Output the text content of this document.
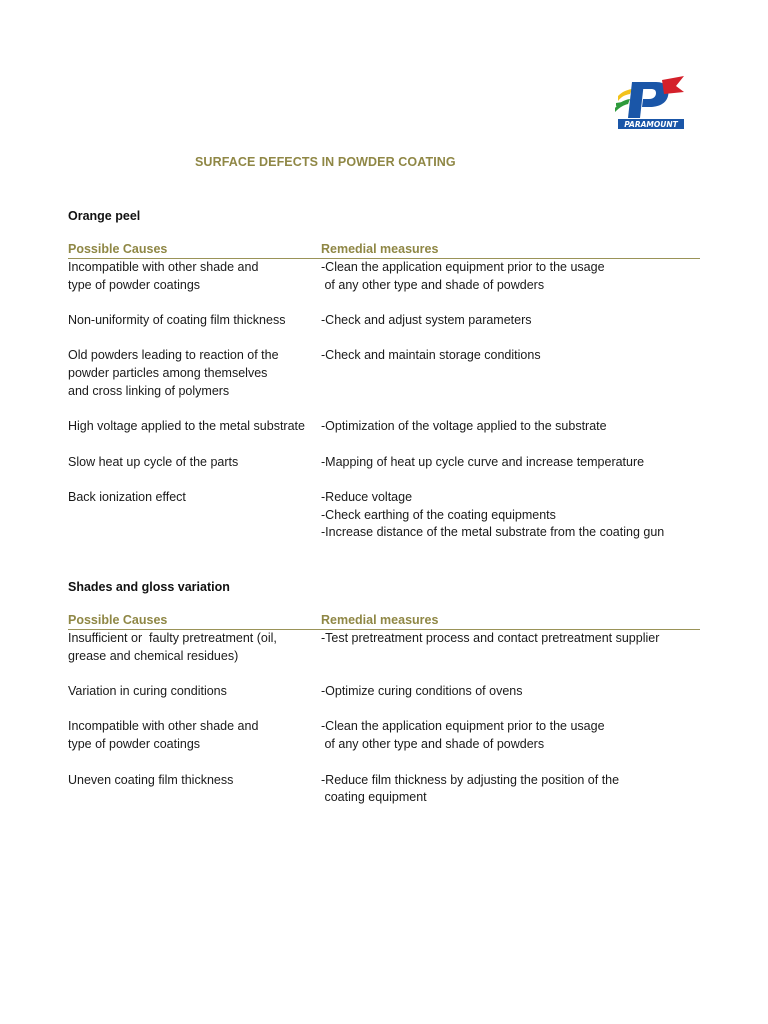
PARAMOUNT
SURFACE DEFECTS IN POWDER COATING
Orange peel
Possible Causes	Remedial measures
Incompatible with other shade and
type of powder coatings
-Clean the application equipment prior to the usage
of any other type and shade of powders
Non-uniformity of coating film thickness	-Check and adjust system parameters
Old powders leading to reaction of the
powder particles among themselves
and cross linking of polymers
-Check and maintain storage conditions
High voltage applied to the metal substrate	-Optimization of the voltage applied to the substrate
Slow heat up cycle of the parts	-Mapping of heat up cycle curve and increase temperature
Back ionization effect	-Reduce voltage
-Check earthing of the coating equipments
-Increase distance of the metal substrate from the coating gun
Shades and gloss variation
Possible Causes	Remedial measures
Insufficient or  faulty pretreatment (oil,
grease and chemical residues)
-Test pretreatment process and contact pretreatment supplier
Variation in curing conditions	-Optimize curing conditions of ovens
Incompatible with other shade and
type of powder coatings
-Clean the application equipment prior to the usage
of any other type and shade of powders
Uneven coating film thickness	-Reduce film thickness by adjusting the position of the
coating equipment
